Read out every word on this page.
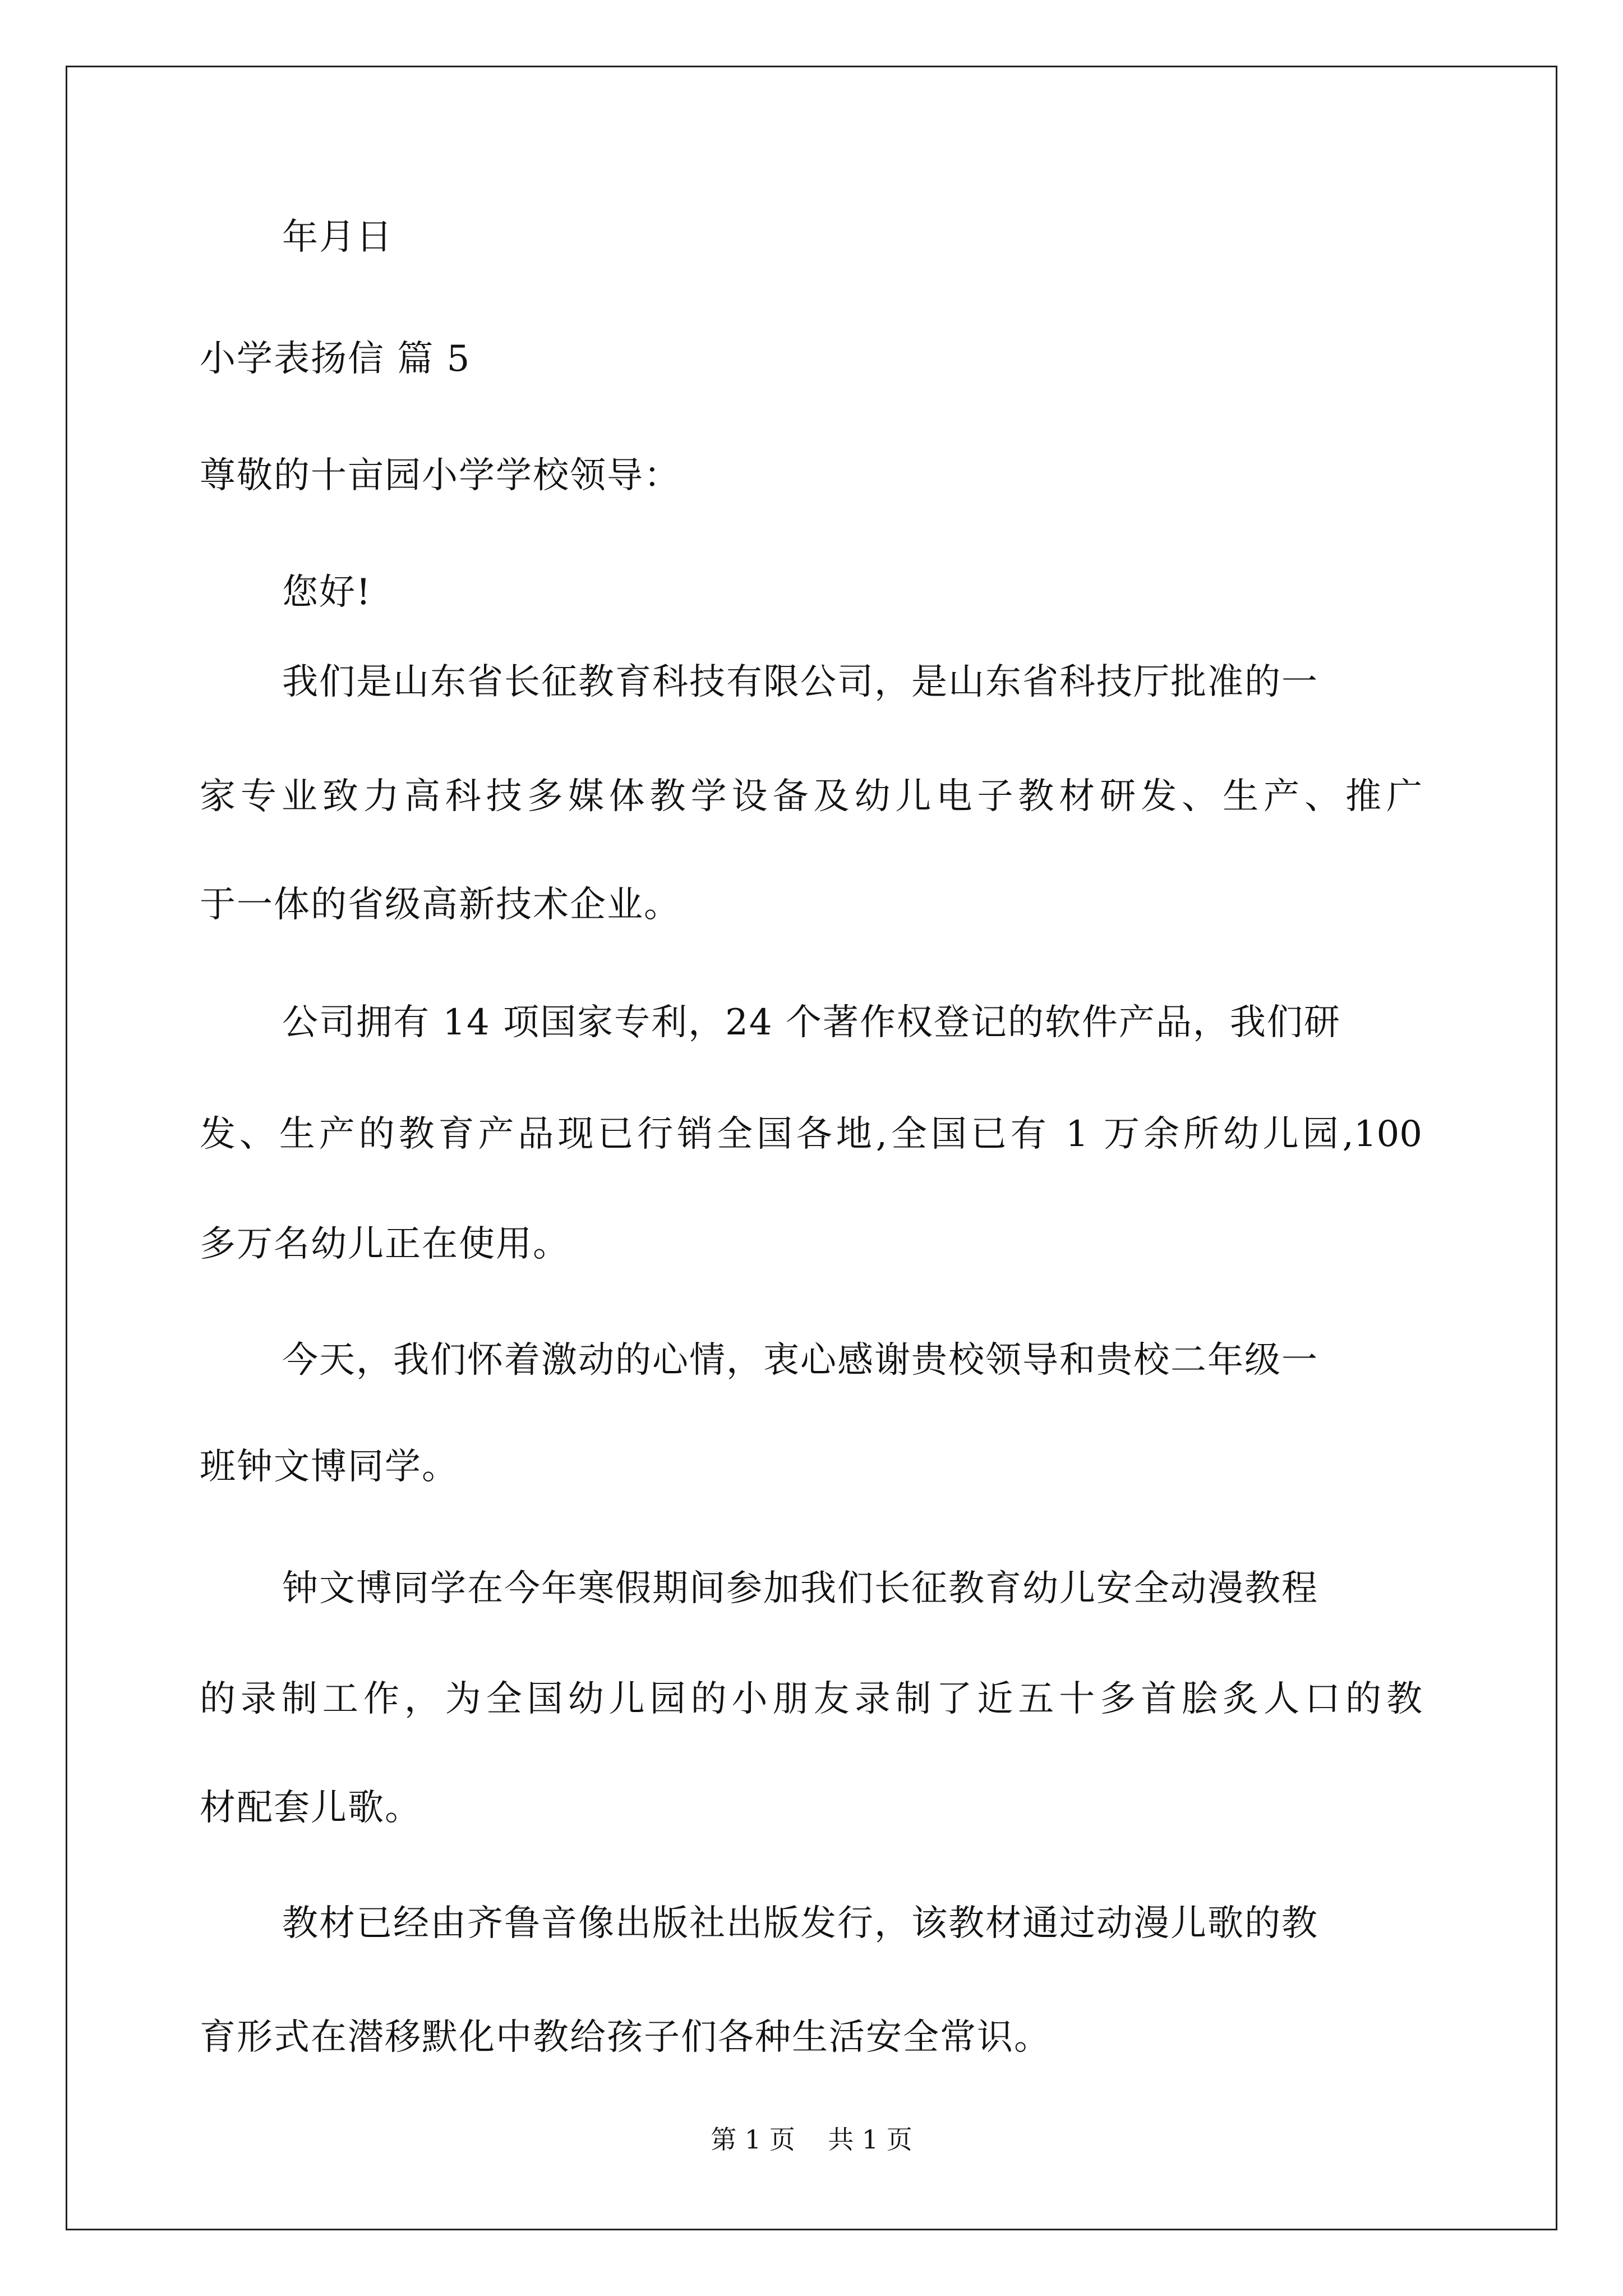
年月日
小学表扬信 篇 5
尊敬的十亩园小学学校领导：
您好!
我们是山东省长征教育科技有限公司，是山东省科技厅批准的一
家专业致力高科技多媒体教学设备及幼儿电子教材研发、生产、推广
于一体的省级高新技术企业。
公司拥有 14 项国家专利，24 个著作权登记的软件产品，我们研
发、生产的教育产品现已行销全国各地,全国已有 1 万余所幼儿园,100
多万名幼儿正在使用。
今天，我们怀着激动的心情，衷心感谢贵校领导和贵校二年级一
班钟文博同学。
钟文博同学在今年寒假期间参加我们长征教育幼儿安全动漫教程
的录制工作，为全国幼儿园的小朋友录制了近五十多首脍炙人口的教
材配套儿歌。
教材已经由齐鲁音像出版社出版发行，该教材通过动漫儿歌的教
育形式在潜移默化中教给孩子们各种生活安全常识。
第 1 页    共 1 页
